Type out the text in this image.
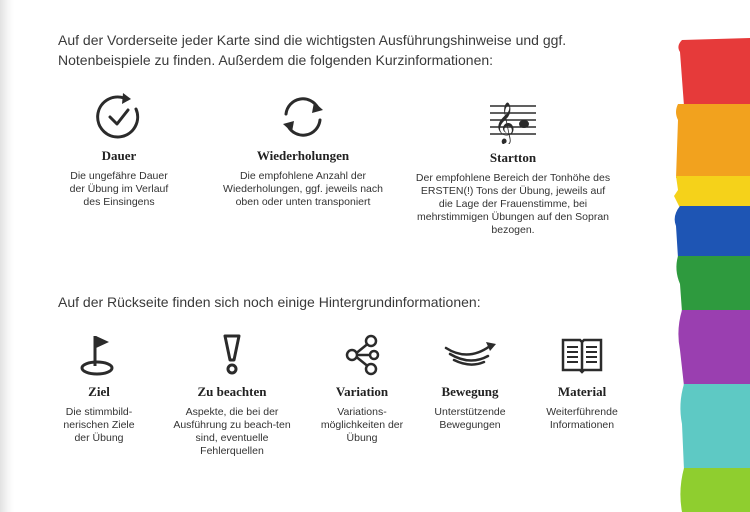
Auf der Vorderseite jeder Karte sind die wichtigsten Ausführungshinweise und ggf. Notenbeispiele zu finden. Außerdem die folgenden Kurzinformationen:
Dauer
Die ungefähre Dauer der Übung im Verlauf des Einsingens
Wiederholungen
Die empfohlene Anzahl der Wiederholungen, ggf. jeweils nach oben oder unten transponiert
𝄞
Startton
Der empfohlene Bereich der Tonhöhe des ERSTEN(!) Tons der Übung, jeweils auf die Lage der Frauenstimme, bei mehrstimmigen Übungen auf den Sopran bezogen.
Auf der Rückseite finden sich noch einige Hintergrundinformationen:
Ziel
Die stimmbild-nerischen Ziele der Übung
Zu beachten
Aspekte, die bei der Ausführung zu beach-ten sind, eventuelle Fehlerquellen
Variation
Variations-möglichkeiten der Übung
Bewegung
Unterstützende Bewegungen
Material
Weiterführende Informationen
